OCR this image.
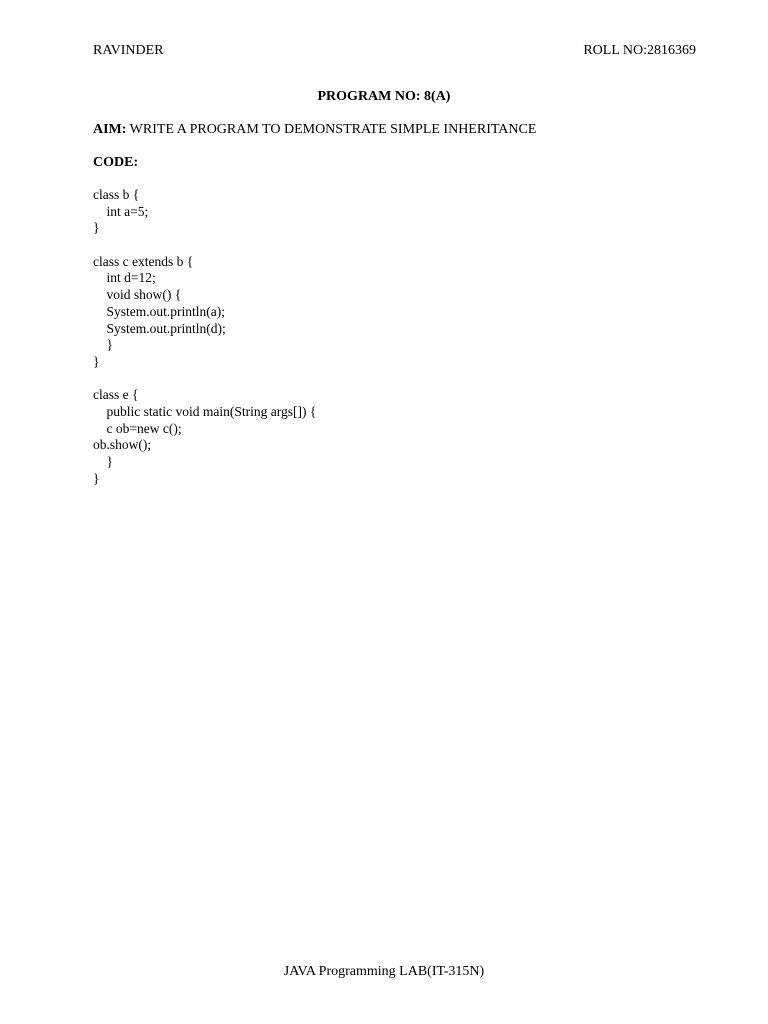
RAVINDER	ROLL NO:2816369
PROGRAM NO: 8(A)
AIM: WRITE A PROGRAM TO DEMONSTRATE SIMPLE INHERITANCE
CODE:
class b {
int a=5;
}
class c extends b {
int d=12;
void show() {
System.out.println(a);
System.out.println(d);
}
}
class e {
public static void main(String args[]) {
c ob=new c();
ob.show();
}
}
JAVA Programming LAB(IT-315N)
